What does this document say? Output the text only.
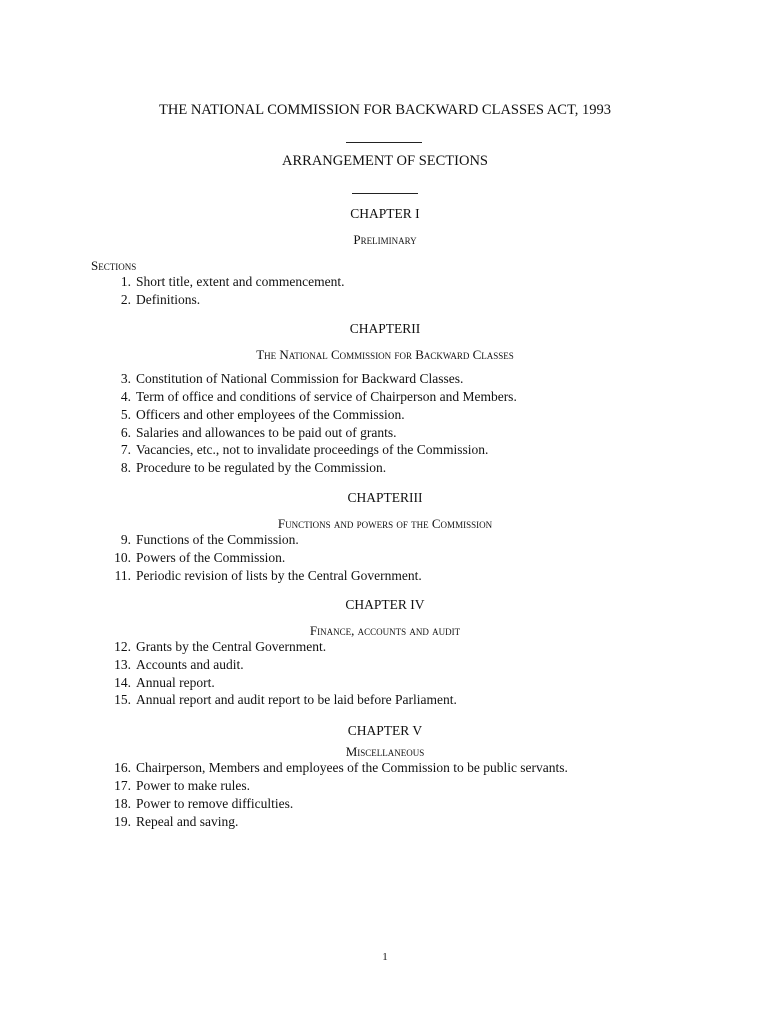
THE NATIONAL COMMISSION FOR BACKWARD CLASSES ACT, 1993
ARRANGEMENT OF SECTIONS
CHAPTER I
Preliminary
Sections
1. Short title, extent and commencement.
2. Definitions.
CHAPTERII
The National Commission for Backward Classes
3. Constitution of National Commission for Backward Classes.
4. Term of office and conditions of service of Chairperson and Members.
5. Officers and other employees of the Commission.
6. Salaries and allowances to be paid out of grants.
7. Vacancies, etc., not to invalidate proceedings of the Commission.
8. Procedure to be regulated by the Commission.
CHAPTERIII
Functions and powers of the Commission
9. Functions of the Commission.
10. Powers of the Commission.
11. Periodic revision of lists by the Central Government.
CHAPTER IV
Finance, accounts and audit
12. Grants by the Central Government.
13. Accounts and audit.
14. Annual report.
15. Annual report and audit report to be laid before Parliament.
CHAPTER V
Miscellaneous
16. Chairperson, Members and employees of the Commission to be public servants.
17. Power to make rules.
18. Power to remove difficulties.
19. Repeal and saving.
1
